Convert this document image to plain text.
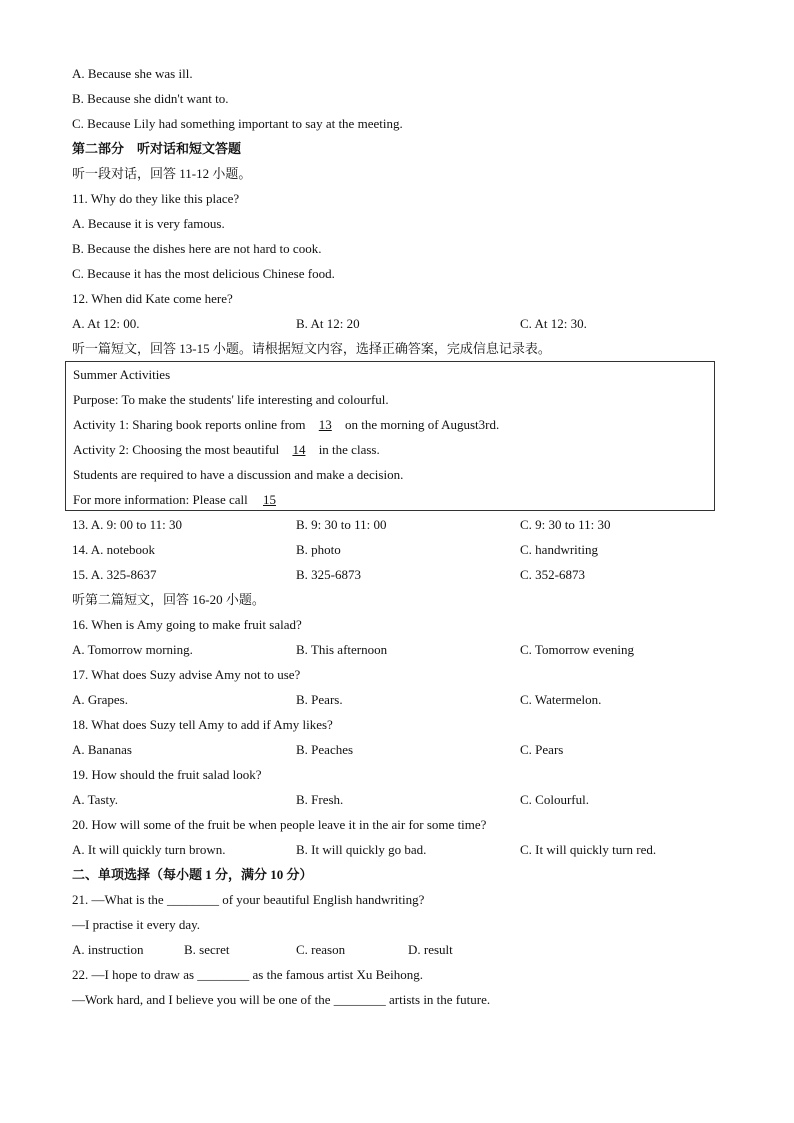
A. Because she was ill.
B. Because she didn't want to.
C. Because Lily had something important to say at the meeting.
第二部分　听对话和短文答题
听一段对话，回答 11-12 小题。
11. Why do they like this place?
A. Because it is very famous.
B. Because the dishes here are not hard to cook.
C. Because it has the most delicious Chinese food.
12. When did Kate come here?
A. At 12: 00.	B. At 12: 20	C. At 12: 30.
听一篇短文，回答 13-15 小题。请根据短文内容，选择正确答案，完成信息记录表。
Summer Activities
Purpose: To make the students' life interesting and colourful.
Activity 1: Sharing book reports online from 13 on the morning of August3rd.
Activity 2: Choosing the most beautiful 14 in the class.
Students are required to have a discussion and make a decision.
For more information: Please call 15
13. A. 9: 00 to 11: 30	B. 9: 30 to 11: 00	C. 9: 30 to 11: 30
14. A. notebook	B. photo	C. handwriting
15. A. 325-8637	B. 325-6873	C. 352-6873
听第二篇短文，回答 16-20 小题。
16. When is Amy going to make fruit salad?
A. Tomorrow morning.	B. This afternoon	C. Tomorrow evening
17. What does Suzy advise Amy not to use?
A. Grapes.	B. Pears.	C. Watermelon.
18. What does Suzy tell Amy to add if Amy likes?
A. Bananas	B. Peaches	C. Pears
19. How should the fruit salad look?
A. Tasty.	B. Fresh.	C. Colourful.
20. How will some of the fruit be when people leave it in the air for some time?
A. It will quickly turn brown.	B. It will quickly go bad.	C. It will quickly turn red.
二、单项选择（每小题 1 分，满分 10 分）
21. —What is the ________ of your beautiful English handwriting?
—I practise it every day.
A. instruction	B. secret	C. reason	D. result
22. —I hope to draw as ________ as the famous artist Xu Beihong.
—Work hard, and I believe you will be one of the ________ artists in the future.
